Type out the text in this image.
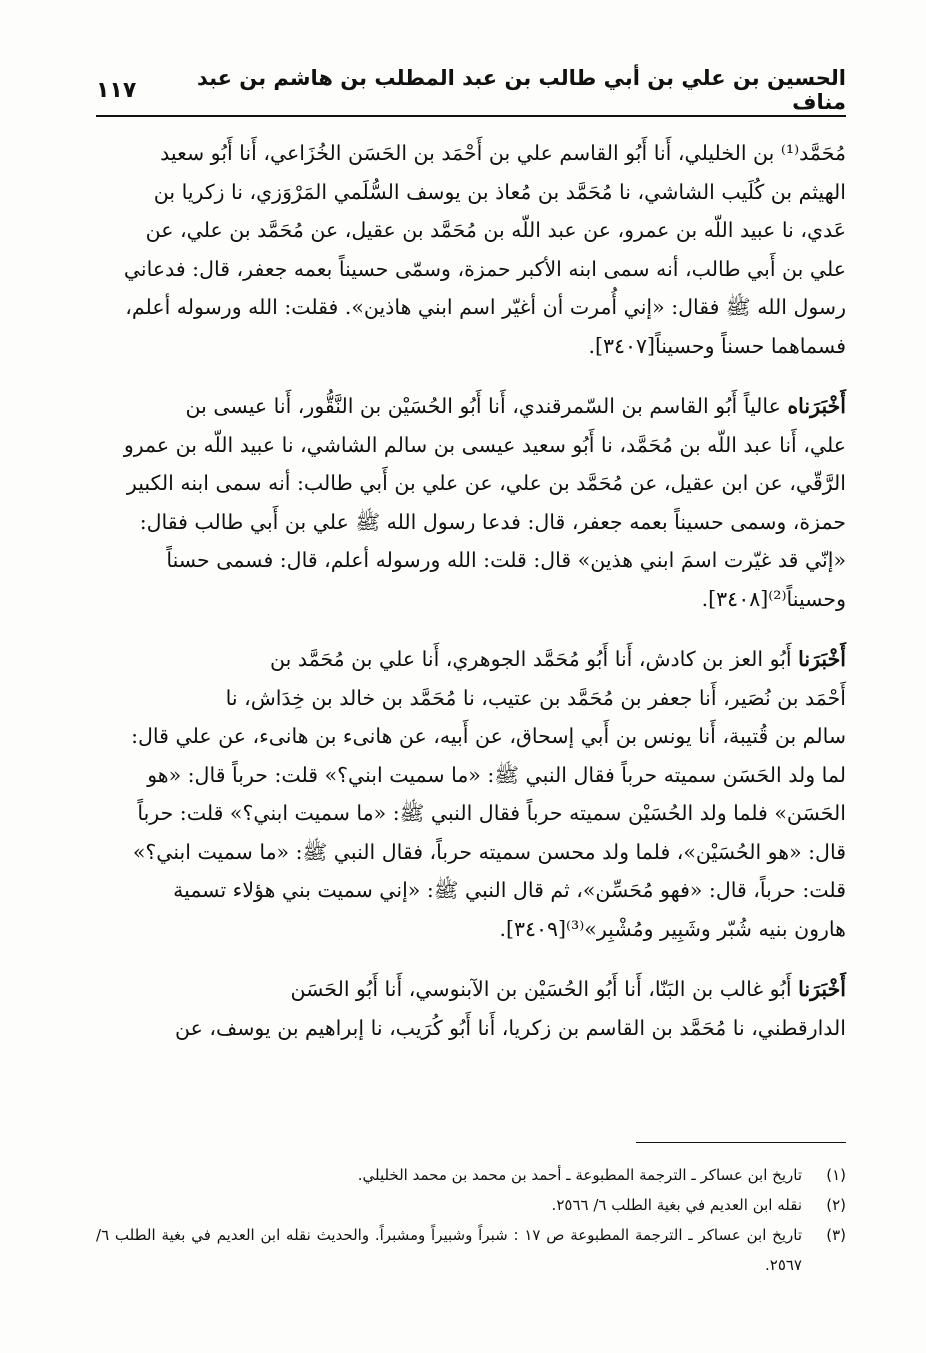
الحسين بن علي بن أبي طالب بن عبد المطلب بن هاشم بن عبد مناف
١١٧

مُحَمَّد⁽¹⁾ بن الخليلي، أَنا أَبُو القاسم علي بن أَحْمَد بن الحَسَن الخُزَاعي، أَنا أَبُو سعيد
الهيثم بن كُلَيب الشاشي، نا مُحَمَّد بن مُعاذ بن يوسف السُّلَمي المَرْوَزي، نا زكريا بن
عَدي، نا عبيد اللّه بن عمرو، عن عبد اللّه بن مُحَمَّد بن عقيل، عن مُحَمَّد بن علي، عن
علي بن أَبي طالب، أنه سمى ابنه الأكبر حمزة، وسمّى حسيناً بعمه جعفر، قال: فدعاني
رسول الله ﷺ فقال: «إني أُمرت أن أغيّر اسم ابني هاذين». فقلت: الله ورسوله أعلم،
فسماهما حسناً وحسيناً[٣٤٠٧].

أَخْبَرَناه عالياً أَبُو القاسم بن السّمرقندي، أَنا أَبُو الحُسَيْن بن النَّقُّور، أَنا عيسى بن
علي، أَنا عبد اللّه بن مُحَمَّد، نا أَبُو سعيد عيسى بن سالم الشاشي، نا عبيد اللّه بن عمرو
الرَّقّي، عن ابن عقيل، عن مُحَمَّد بن علي، عن علي بن أَبي طالب: أنه سمى ابنه الكبير
حمزة، وسمى حسيناً بعمه جعفر، قال: فدعا رسول الله ﷺ علي بن أَبي طالب فقال:
«إنّي قد غيّرت اسمَ ابني هذين» قال: قلت: الله ورسوله أعلم، قال: فسمى حسناً
وحسيناً⁽²⁾[٣٤٠٨].

أَخْبَرَنا أَبُو العز بن كادش، أَنا أَبُو مُحَمَّد الجوهري، أَنا علي بن مُحَمَّد بن
أَحْمَد بن نُصَير، أَنا جعفر بن مُحَمَّد بن عتيب، نا مُحَمَّد بن خالد بن خِدَاش، نا
سالم بن قُتيبة، أَنا يونس بن أَبي إسحاق، عن أَبيه، عن هانىء بن هانىء، عن علي قال:
لما ولد الحَسَن سميته حرباً فقال النبي ﷺ: «ما سميت ابني؟» قلت: حرباً قال: «هو
الحَسَن» فلما ولد الحُسَيْن سميته حرباً فقال النبي ﷺ: «ما سميت ابني؟» قلت: حرباً
قال: «هو الحُسَيْن»، فلما ولد محسن سميته حرباً، فقال النبي ﷺ: «ما سميت ابني؟»
قلت: حرباً، قال: «فهو مُحَسِّن»، ثم قال النبي ﷺ: «إني سميت بني هؤلاء تسمية
هارون بنيه شُبّر وشَبِير ومُشْبِر»⁽³⁾[٣٤٠٩].

أَخْبَرَنا أَبُو غالب بن البَنّا، أَنا أَبُو الحُسَيْن بن الآبنوسي، أَنا أَبُو الحَسَن
الدارقطني، نا مُحَمَّد بن القاسم بن زكريا، أَنا أَبُو كُرَيب، نا إبراهيم بن يوسف، عن

(١)
تاريخ ابن عساكر ـ الترجمة المطبوعة ـ أحمد بن محمد بن محمد الخليلي.
(٢)
نقله ابن العديم في بغية الطلب ٦/ ٢٥٦٦.
(٣)
تاريخ ابن عساكر ـ الترجمة المطبوعة ص ١٧ : شبراً وشبيراً ومشبراً. والحديث نقله ابن العديم في بغية الطلب ٦/ ٢٥٦٧.
